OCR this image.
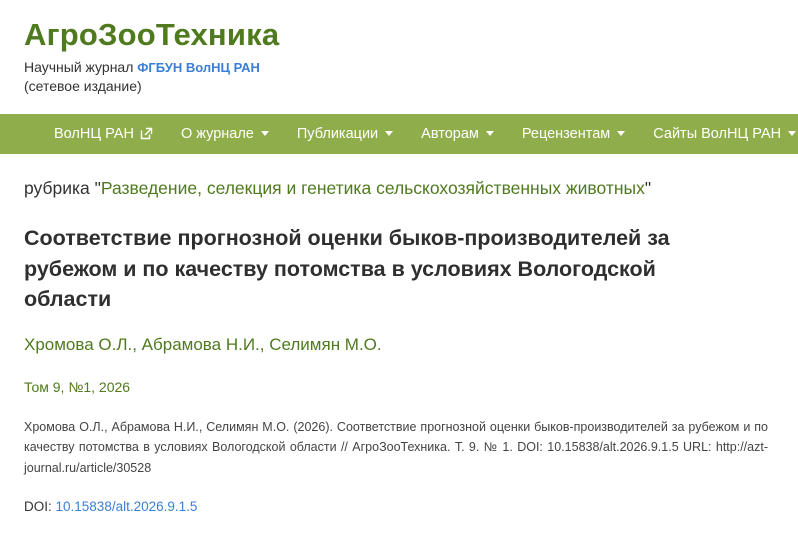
АгроЗооТехника
Научный журнал ФГБУН ВолНЦ РАН
(сетевое издание)
ВолНЦ РАН	О журнале	Публикации	Авторам	Рецензентам	Сайты ВолНЦ РАН
рубрика "Разведение, селекция и генетика сельскохозяйственных животных"
Соответствие прогнозной оценки быков-производителей за рубежом и по качеству потомства в условиях Вологодской области
Хромова О.Л., Абрамова Н.И., Селимян М.О.
Том 9, №1, 2026
Хромова О.Л., Абрамова Н.И., Селимян М.О. (2026). Соответствие прогнозной оценки быков-производителей за рубежом и по качеству потомства в условиях Вологодской области // АгроЗооТехника. Т. 9. № 1. DOI: 10.15838/alt.2026.9.1.5 URL: http://azt-journal.ru/article/30528
DOI: 10.15838/alt.2026.9.1.5
